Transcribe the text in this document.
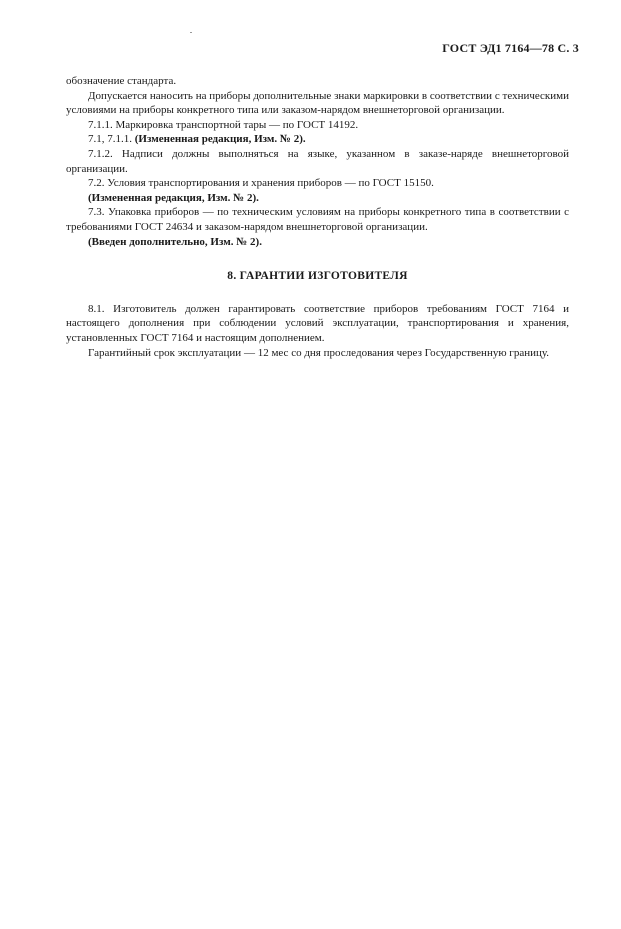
ГОСТ ЭД1 7164—78 С. 3

обозначение стандарта.

Допускается наносить на приборы дополнительные знаки маркировки в соответствии с техническими условиями на приборы конкретного типа или заказом-нарядом внешнеторговой организации.

7.1.1. Маркировка транспортной тары — по ГОСТ 14192.

7.1, 7.1.1. (Измененная редакция, Изм. № 2).

7.1.2. Надписи должны выполняться на языке, указанном в заказе-наряде внешнеторговой организации.

7.2. Условия транспортирования и хранения приборов — по ГОСТ 15150.

(Измененная редакция, Изм. № 2).

7.3. Упаковка приборов — по техническим условиям на приборы конкретного типа в соответствии с требованиями ГОСТ 24634 и заказом-нарядом внешнеторговой организации.

(Введен дополнительно, Изм. № 2).

8. ГАРАНТИИ ИЗГОТОВИТЕЛЯ

8.1. Изготовитель должен гарантировать соответствие приборов требованиям ГОСТ 7164 и настоящего дополнения при соблюдении условий эксплуатации, транспортирования и хранения, установленных ГОСТ 7164 и настоящим дополнением.

Гарантийный срок эксплуатации — 12 мес со дня прослeдования через Государственную границу.
